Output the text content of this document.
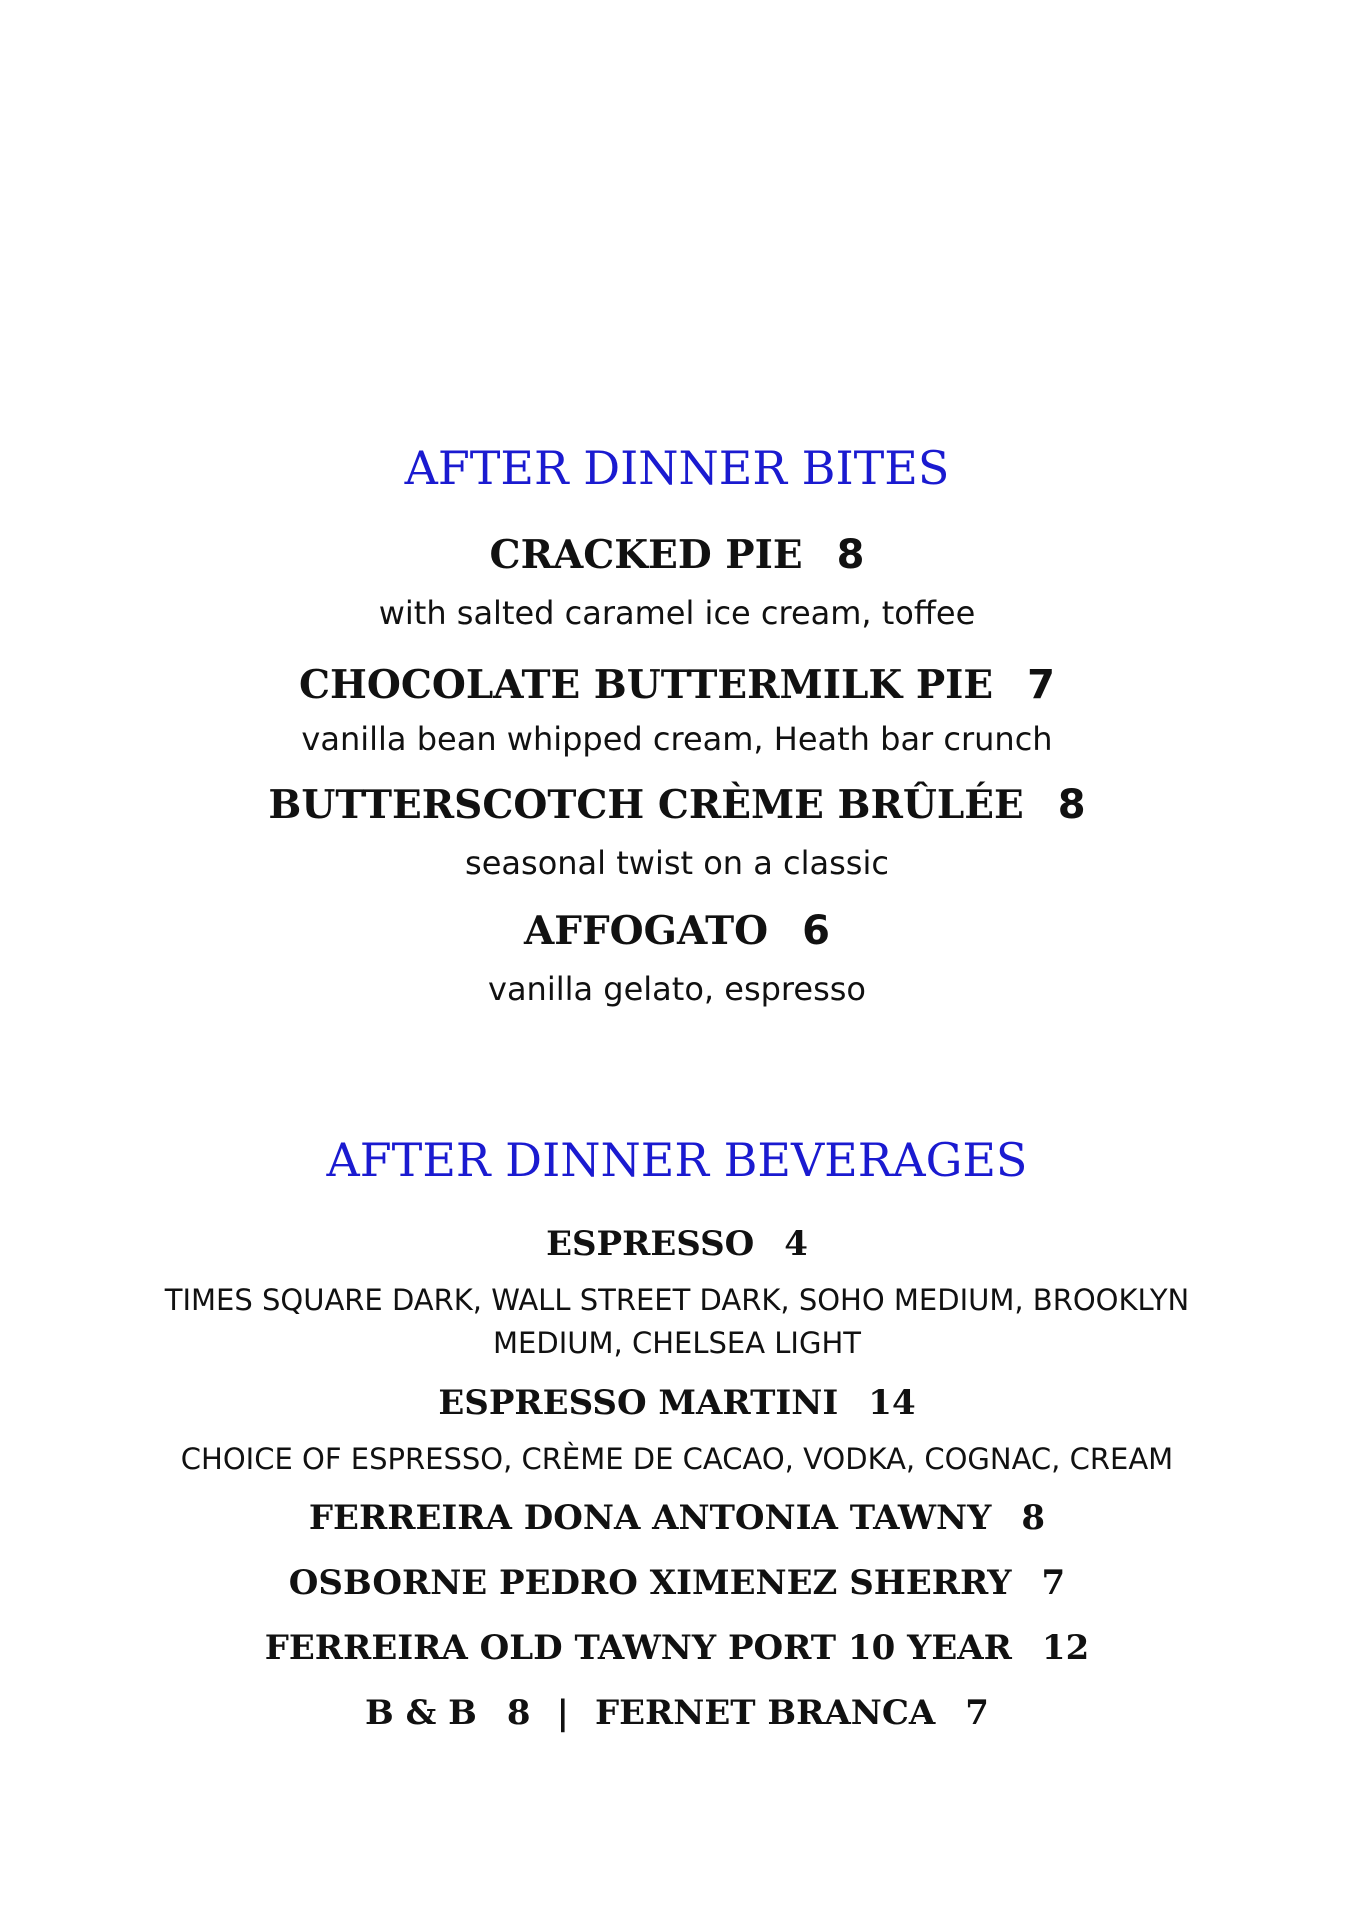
AFTER DINNER BITES
CRACKED PIE 8
with salted caramel ice cream, toffee
CHOCOLATE BUTTERMILK PIE 7
vanilla bean whipped cream, Heath bar crunch
BUTTERSCOTCH CRÈME BRÛLÉE 8
seasonal twist on a classic
AFFOGATO 6
vanilla gelato, espresso
AFTER DINNER BEVERAGES
ESPRESSO 4
TIMES SQUARE DARK, WALL STREET DARK, SOHO MEDIUM, BROOKLYN
MEDIUM, CHELSEA LIGHT
ESPRESSO MARTINI 14
CHOICE OF ESPRESSO, CRÈME DE CACAO, VODKA, COGNAC, CREAM
FERREIRA DONA ANTONIA TAWNY 8
OSBORNE PEDRO XIMENEZ SHERRY 7
FERREIRA OLD TAWNY PORT 10 YEAR 12
B & B 8 | FERNET BRANCA 7
